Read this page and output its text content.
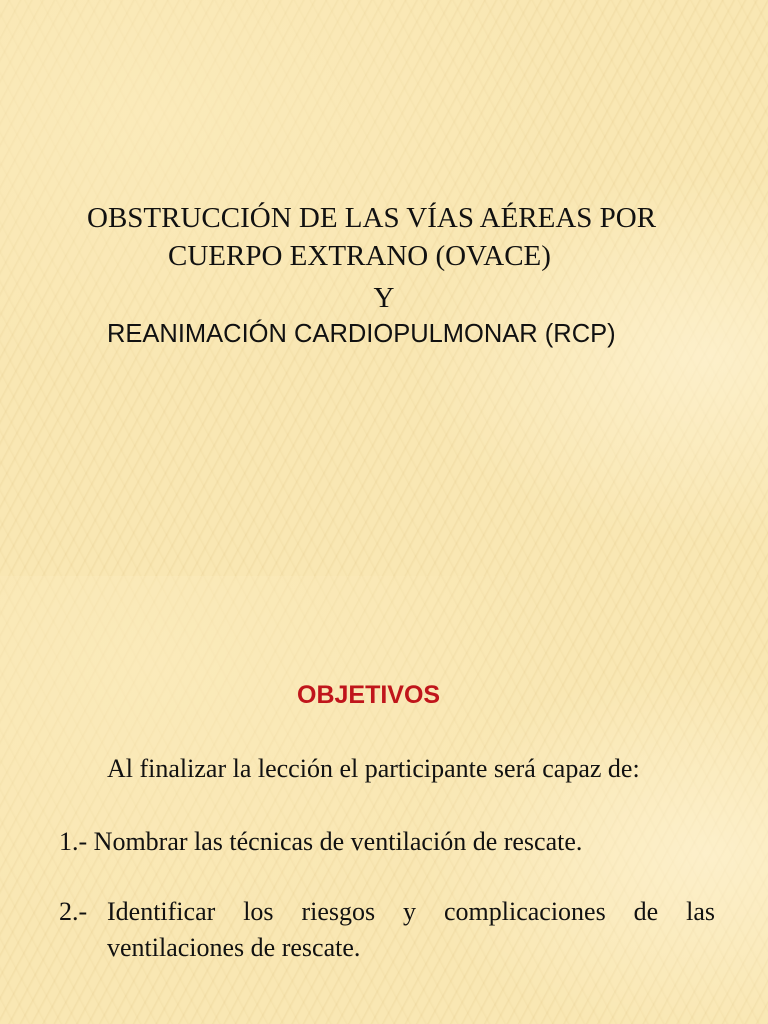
OBSTRUCCIÓN DE LAS VÍAS AÉREAS POR
CUERPO EXTRANO (OVACE)
Y
REANIMACIÓN CARDIOPULMONAR (RCP)
OBJETIVOS
Al finalizar la lección el participante será capaz de:
1.- Nombrar las técnicas de ventilación de rescate.
2.- Identificar los riesgos y complicaciones de las ventilaciones de rescate.
